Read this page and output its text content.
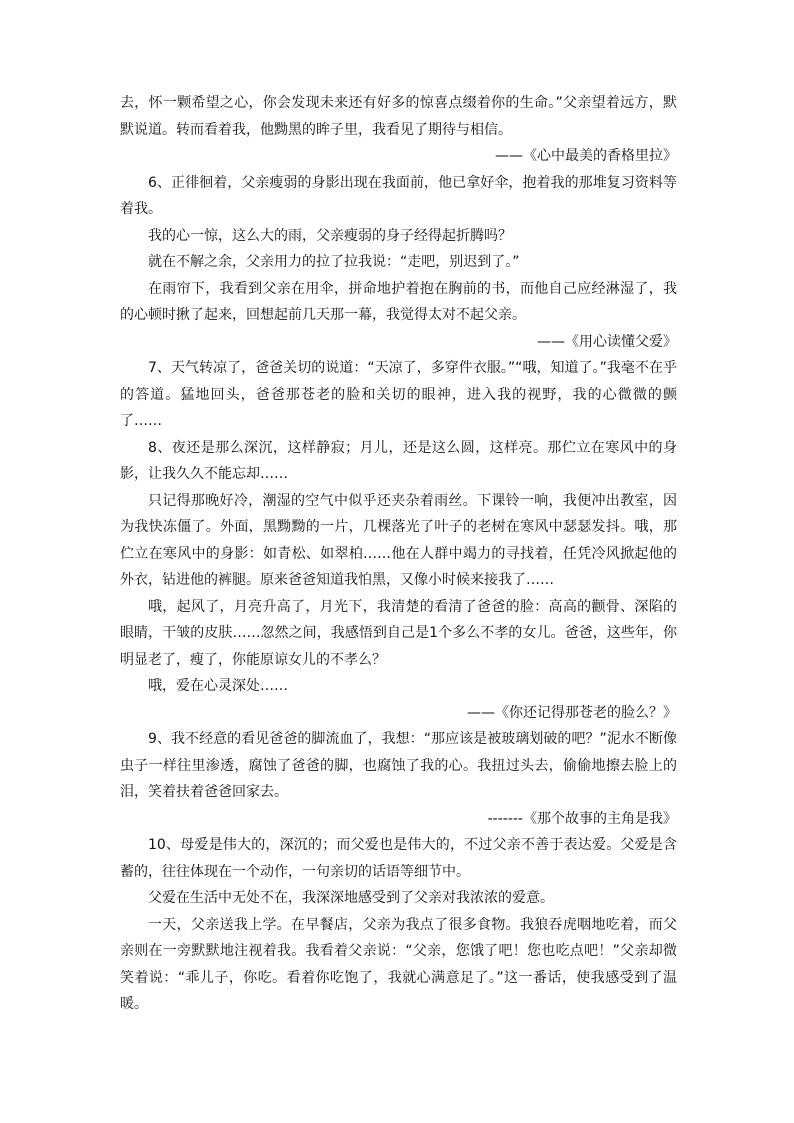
去，怀一颗希望之心，你会发现未来还有好多的惊喜点缀着你的生命。”父亲望着远方，默默说道。转而看着我，他黝黑的眸子里，我看见了期待与相信。

——《心中最美的香格里拉》

6、正徘徊着，父亲瘦弱的身影出现在我面前，他已拿好伞，抱着我的那堆复习资料等着我。

我的心一惊，这么大的雨，父亲瘦弱的身子经得起折腾吗？

就在不解之余，父亲用力的拉了拉我说：“走吧，别迟到了。”

在雨帘下，我看到父亲在用伞，拼命地护着抱在胸前的书，而他自己应经淋湿了，我的心顿时揪了起来，回想起前几天那一幕，我觉得太对不起父亲。

——《用心读懂父爱》

7、天气转凉了，爸爸关切的说道：“天凉了，多穿件衣服。”“哦，知道了。”我毫不在乎的答道。猛地回头，爸爸那苍老的脸和关切的眼神，进入我的视野，我的心微微的颤了……

8、夜还是那么深沉，这样静寂；月儿，还是这么圆，这样亮。那伫立在寒风中的身影，让我久久不能忘却……

只记得那晚好冷，潮湿的空气中似乎还夹杂着雨丝。下课铃一响，我便冲出教室，因为我快冻僵了。外面，黑黝黝的一片，几棵落光了叶子的老树在寒风中瑟瑟发抖。哦，那伫立在寒风中的身影：如青松、如翠柏……他在人群中竭力的寻找着，任凭冷风掀起他的外衣，钻进他的裤腿。原来爸爸知道我怕黑，又像小时候来接我了……

哦，起风了，月亮升高了，月光下，我清楚的看清了爸爸的脸：高高的颧骨、深陷的眼睛，干皱的皮肤……忽然之间，我感悟到自己是1个多么不孝的女儿。爸爸，这些年，你明显老了，瘦了，你能原谅女儿的不孝么？

哦，爱在心灵深处……

——《你还记得那苍老的脸么？》

9、我不经意的看见爸爸的脚流血了，我想：“那应该是被玻璃划破的吧？”泥水不断像虫子一样往里渗透，腐蚀了爸爸的脚，也腐蚀了我的心。我扭过头去，偷偷地擦去脸上的泪，笑着扶着爸爸回家去。

-------《那个故事的主角是我》

10、母爱是伟大的，深沉的；而父爱也是伟大的，不过父亲不善于表达爱。父爱是含蓄的，往往体现在一个动作，一句亲切的话语等细节中。

父爱在生活中无处不在，我深深地感受到了父亲对我浓浓的爱意。

一天，父亲送我上学。在早餐店，父亲为我点了很多食物。我狼吞虎咽地吃着，而父亲则在一旁默默地注视着我。我看着父亲说：“父亲，您饿了吧！您也吃点吧！”父亲却微笑着说：“乖儿子，你吃。看着你吃饱了，我就心满意足了。”这一番话，使我感受到了温暖。
